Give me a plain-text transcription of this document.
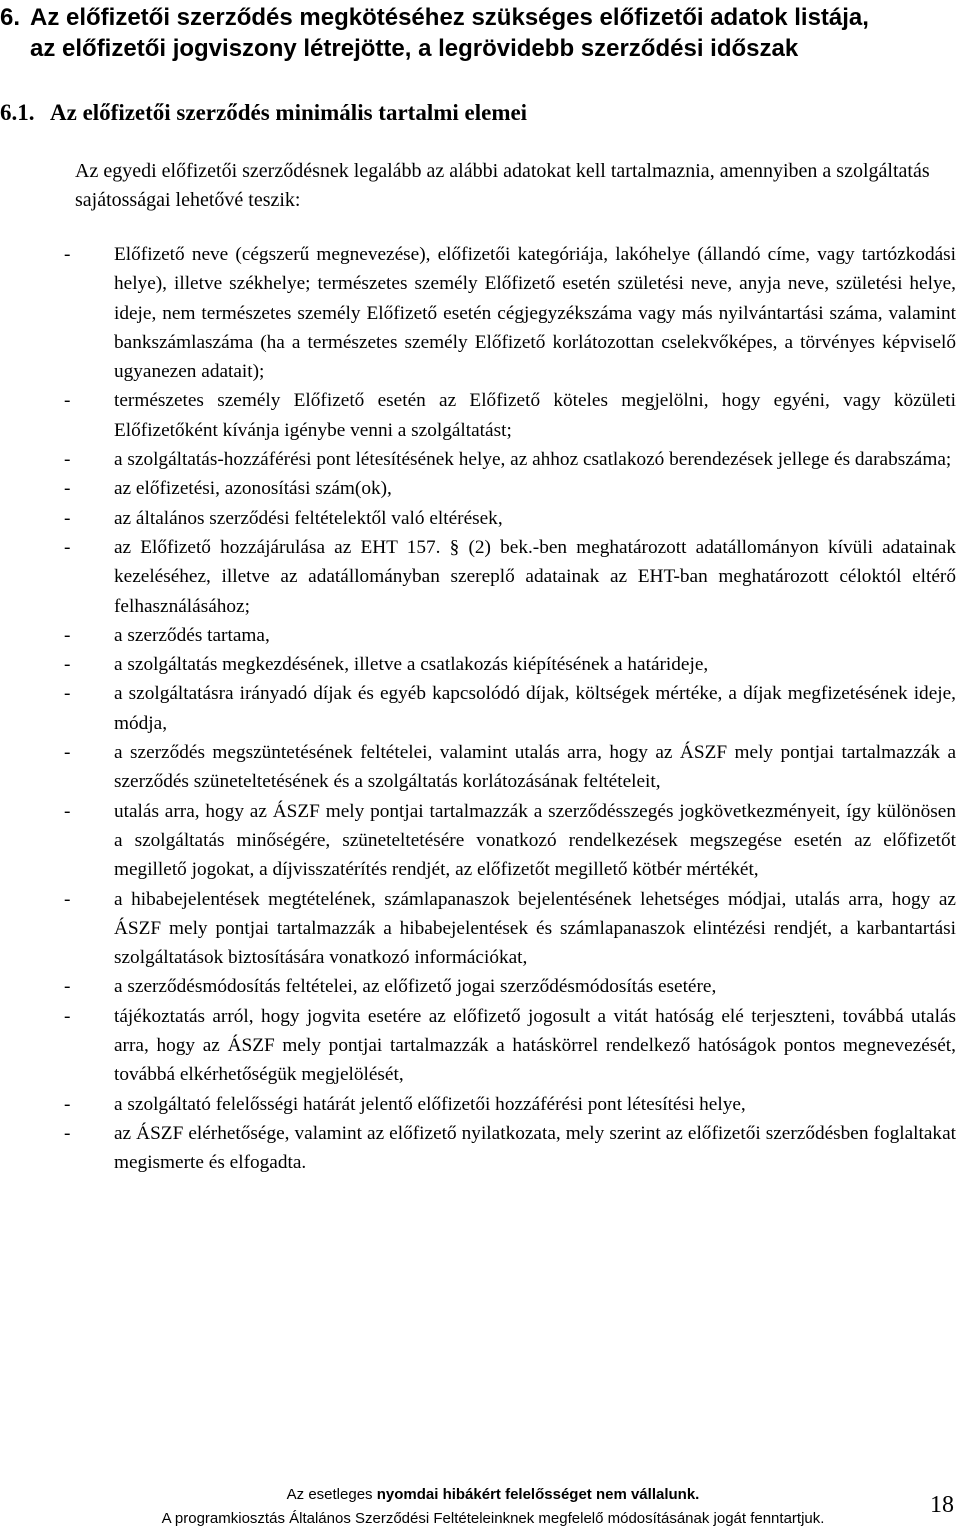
6. Az előfizetői szerződés megkötéséhez szükséges előfizetői adatok listája,
az előfizetői jogviszony létrejötte, a legrövidebb szerződési időszak
6.1. Az előfizetői szerződés minimális tartalmi elemei

Az egyedi előfizetői szerződésnek legalább az alábbi adatokat kell tartalmaznia, amennyiben a szolgáltatás sajátosságai lehetővé teszik:

- Előfizető neve (cégszerű megnevezése), előfizetői kategóriája, lakóhelye (állandó címe, vagy tartózkodási helye), illetve székhelye; természetes személy Előfizető esetén születési neve, anyja neve, születési helye, ideje, nem természetes személy Előfizető esetén cégjegyzékszáma vagy más nyilvántartási száma, valamint bankszámlaszáma (ha a természetes személy Előfizető korlátozottan cselekvőképes, a törvényes képviselő ugyanezen adatait);
- természetes személy Előfizető esetén az Előfizető köteles megjelölni, hogy egyéni, vagy közületi Előfizetőként kívánja igénybe venni a szolgáltatást;
- a szolgáltatás-hozzáférési pont létesítésének helye, az ahhoz csatlakozó berendezések jellege és darabszáma;
- az előfizetési, azonosítási szám(ok),
- az általános szerződési feltételektől való eltérések,
- az Előfizető hozzájárulása az EHT 157. § (2) bek.-ben meghatározott adatállományon kívüli adatainak kezeléséhez, illetve az adatállományban szereplő adatainak az EHT-ban meghatározott céloktól eltérő felhasználásához;
- a szerződés tartama,
- a szolgáltatás megkezdésének, illetve a csatlakozás kiépítésének a határideje,
- a szolgáltatásra irányadó díjak és egyéb kapcsolódó díjak, költségek mértéke, a díjak megfizetésének ideje, módja,
- a szerződés megszüntetésének feltételei, valamint utalás arra, hogy az ÁSZF mely pontjai tartalmazzák a szerződés szüneteltetésének és a szolgáltatás korlátozásának feltételeit,
- utalás arra, hogy az ÁSZF mely pontjai tartalmazzák a szerződésszegés jogkövetkezményeit, így különösen a szolgáltatás minőségére, szüneteltetésére vonatkozó rendelkezések megszegése esetén az előfizetőt megillető jogokat, a díjvisszatérítés rendjét, az előfizetőt megillető kötbér mértékét,
- a hibabejelentések megtételének, számlapanaszok bejelentésének lehetséges módjai, utalás arra, hogy az ÁSZF mely pontjai tartalmazzák a hibabejelentések és számlapanaszok elintézési rendjét, a karbantartási szolgáltatások biztosítására vonatkozó információkat,
- a szerződésmódosítás feltételei, az előfizető jogai szerződésmódosítás esetére,
- tájékoztatás arról, hogy jogvita esetére az előfizető jogosult a vitát hatóság elé terjeszteni, továbbá utalás arra, hogy az ÁSZF mely pontjai tartalmazzák a hatáskörrel rendelkező hatóságok pontos megnevezését, továbbá elkérhetőségük megjelölését,
- a szolgáltató felelősségi határát jelentő előfizetői hozzáférési pont létesítési helye,
- az ÁSZF elérhetősége, valamint az előfizető nyilatkozata, mely szerint az előfizetői szerződésben foglaltakat megismerte és elfogadta.

Az esetleges nyomdai hibákért felelősséget nem vállalunk.

A programkiosztás Általános Szerződési Feltételeinknek megfelelő módosításának jogát fenntartjuk.

18
